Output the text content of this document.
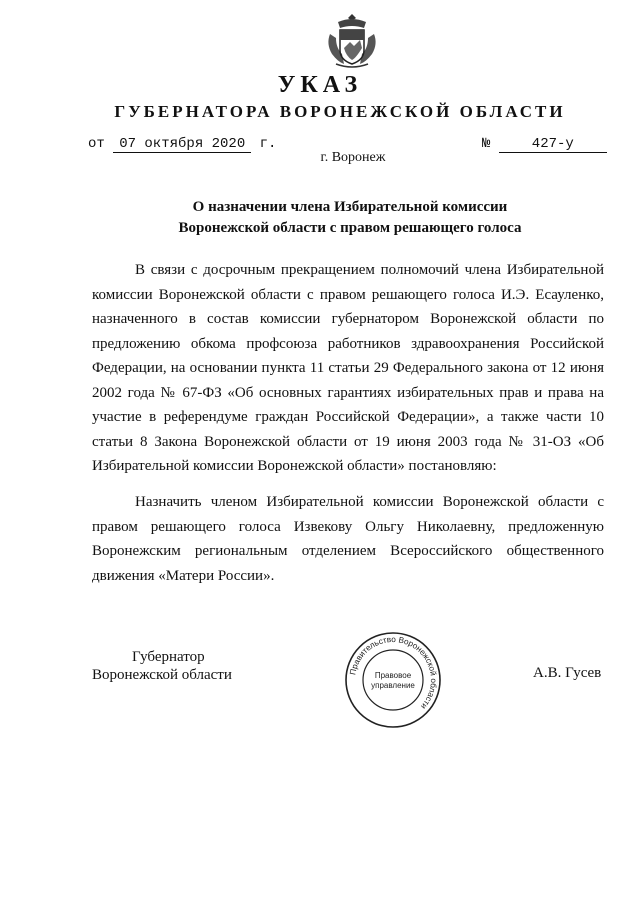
УКАЗ
ГУБЕРНАТОРА ВОРОНЕЖСКОЙ ОБЛАСТИ
от 07 октября 2020 г.	№	427-у
г. Воронеж
О назначении члена Избирательной комиссии
Воронежской области с правом решающего голоса
В связи с досрочным прекращением полномочий члена Избирательной комиссии Воронежской области с правом решающего голоса И.Э. Есауленко, назначенного в состав комиссии губернатором Воронежской области по предложению обкома профсоюза работников здравоохранения Российской Федерации, на основании пункта 11 статьи 29 Федерального закона от 12 июня 2002 года № 67-ФЗ «Об основных гарантиях избирательных прав и права на участие в референдуме граждан Российской Федерации», а также части 10 статьи 8 Закона Воронежской области от 19 июня 2003 года № 31-ОЗ «Об Избирательной комиссии Воронежской области» постановляю:
Назначить членом Избирательной комиссии Воронежской области с правом решающего голоса Извекову Ольгу Николаевну, предложенную Воронежским региональным отделением Всероссийского общественного движения «Матери России».
Губернатор
Воронежской области	Правительство Воронежской области
Правовое
управление
А.В. Гусев
